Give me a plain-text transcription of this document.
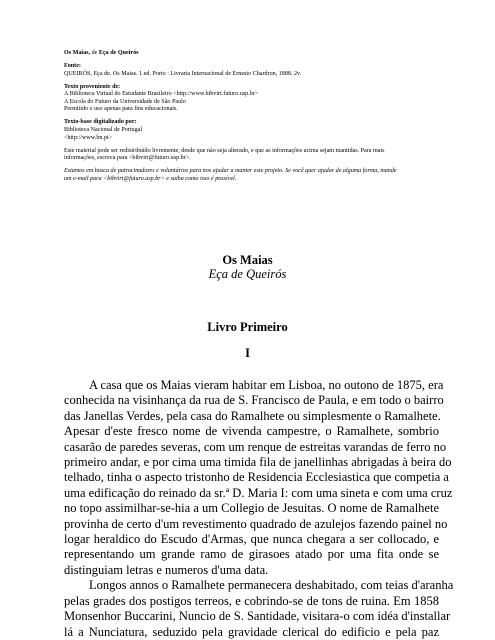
Os Maias, de Eça de Queirós
Fonte:
QUEIRÓS, Eça de. Os Maias. 1.ed. Porto : Livraria Internacional de Ernesto Chardron, 1888. 2v.
Texto proveniente de:
A Biblioteca Virtual do Estudante Brasileiro <http://www.bibvirt.futuro.usp.br>
A Escola do Futuro da Universidade de São Paulo
Permitido o uso apenas para fins educacionais.
Texto-base digitalizado por:
Biblioteca Nacional de Portugal
<http://www.bn.pt>
Este material pode ser redistribuído livremente, desde que não seja alterado, e que as informações acima sejam mantidas. Para mais
informações, escreva para <bibvirt@futuro.usp.br>.
Estamos em busca de patrocinadores e voluntários para nos ajudar a manter este projeto. Se você quer ajudar de alguma forma, mande
um e-mail para <bibvirt@futuro.usp.br> e saiba como isso é possível.
Os Maias
Eça de Queirós
Livro Primeiro
I
A casa que os Maias vieram habitar em Lisboa, no outono de 1875, era
conhecida na visinhança da rua de S. Francisco de Paula, e em todo o bairro
das Janellas Verdes, pela casa do Ramalhete ou simplesmente o Ramalhete.
Apesar d'este fresco nome de vivenda campestre, o Ramalhete, sombrio
casarão de paredes severas, com um renque de estreitas varandas de ferro no
primeiro andar, e por cima uma timida fila de janellinhas abrigadas à beira do
telhado, tinha o aspecto tristonho de Residencia Ecclesiastica que competia a
uma edificação do reinado da sr.ª D. Maria I: com uma sineta e com uma cruz
no topo assimilhar-se-hia a um Collegio de Jesuitas. O nome de Ramalhete
provinha de certo d'um revestimento quadrado de azulejos fazendo painel no
logar heraldico do Escudo d'Armas, que nunca chegara a ser collocado, e
representando um grande ramo de girasoes atado por uma fita onde se
distinguiam letras e numeros d'uma data.
Longos annos o Ramalhete permanecera deshabitado, com teias d'aranha
pelas grades dos postigos terreos, e cobrindo-se de tons de ruina. Em 1858
Monsenhor Buccarini, Nuncio de S. Santidade, visitara-o com idéa d'installar
lá a Nunciatura, seduzido pela gravidade clerical do edificio e pela paz
